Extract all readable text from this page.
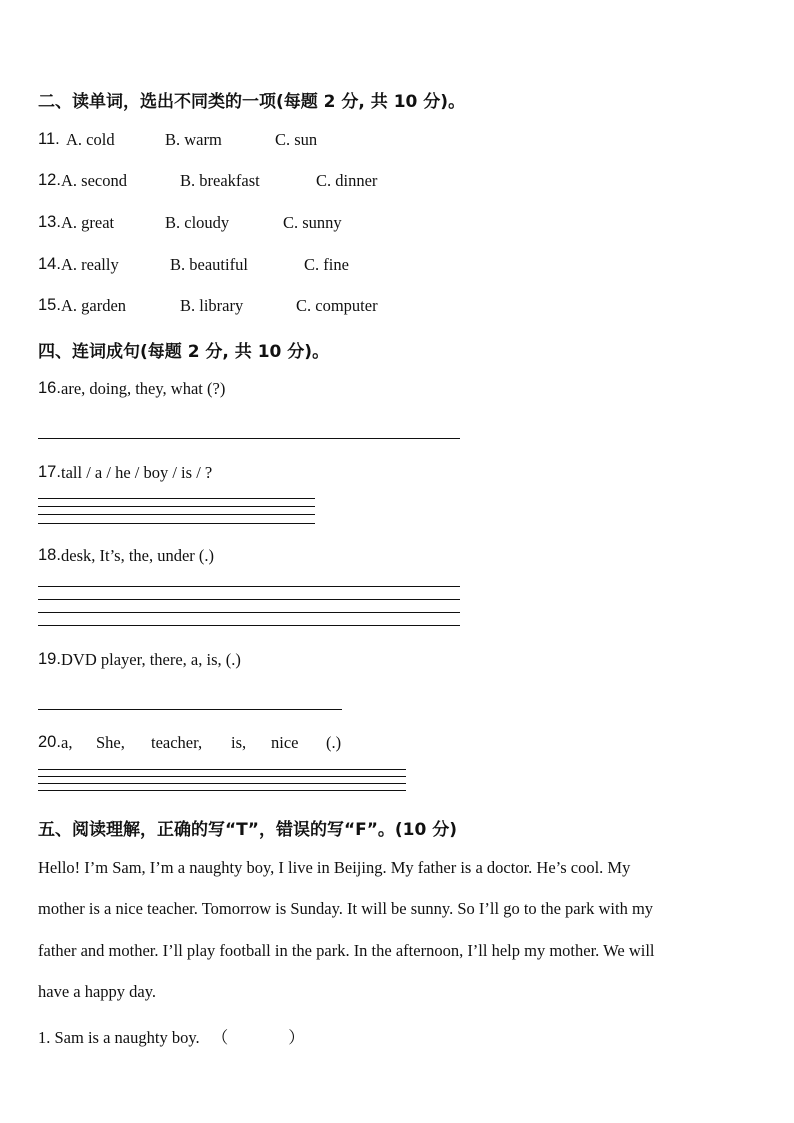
二、读单词，选出不同类的一项(每题 2 分, 共 10 分)。
11. A. cold	B. warm	C. sun
12. A. second	B. breakfast	C. dinner
13. A. great	B. cloudy	C. sunny
14. A. really	B. beautiful	C. fine
15. A. garden	B. library	C. computer
四、连词成句(每题 2 分, 共 10 分)。
16. are, doing, they, what (?)
17. tall / a / he / boy / is / ?
18. desk, It’s, the, under (.)
19. DVD player, there, a, is, (.)
20. a, She, teacher, is, nice (.)
五、阅读理解，正确的写“T”，错误的写“F”。(10 分)
Hello! I’m Sam, I’m a naughty boy, I live in Beijing. My father is a doctor. He’s cool. My
mother is a nice teacher. Tomorrow is Sunday. It will be sunny. So I’ll go to the park with my
father and mother. I’ll play football in the park. In the afternoon, I’ll help my mother. We will
have a happy day.
1. Sam is a naughty boy. （	）
